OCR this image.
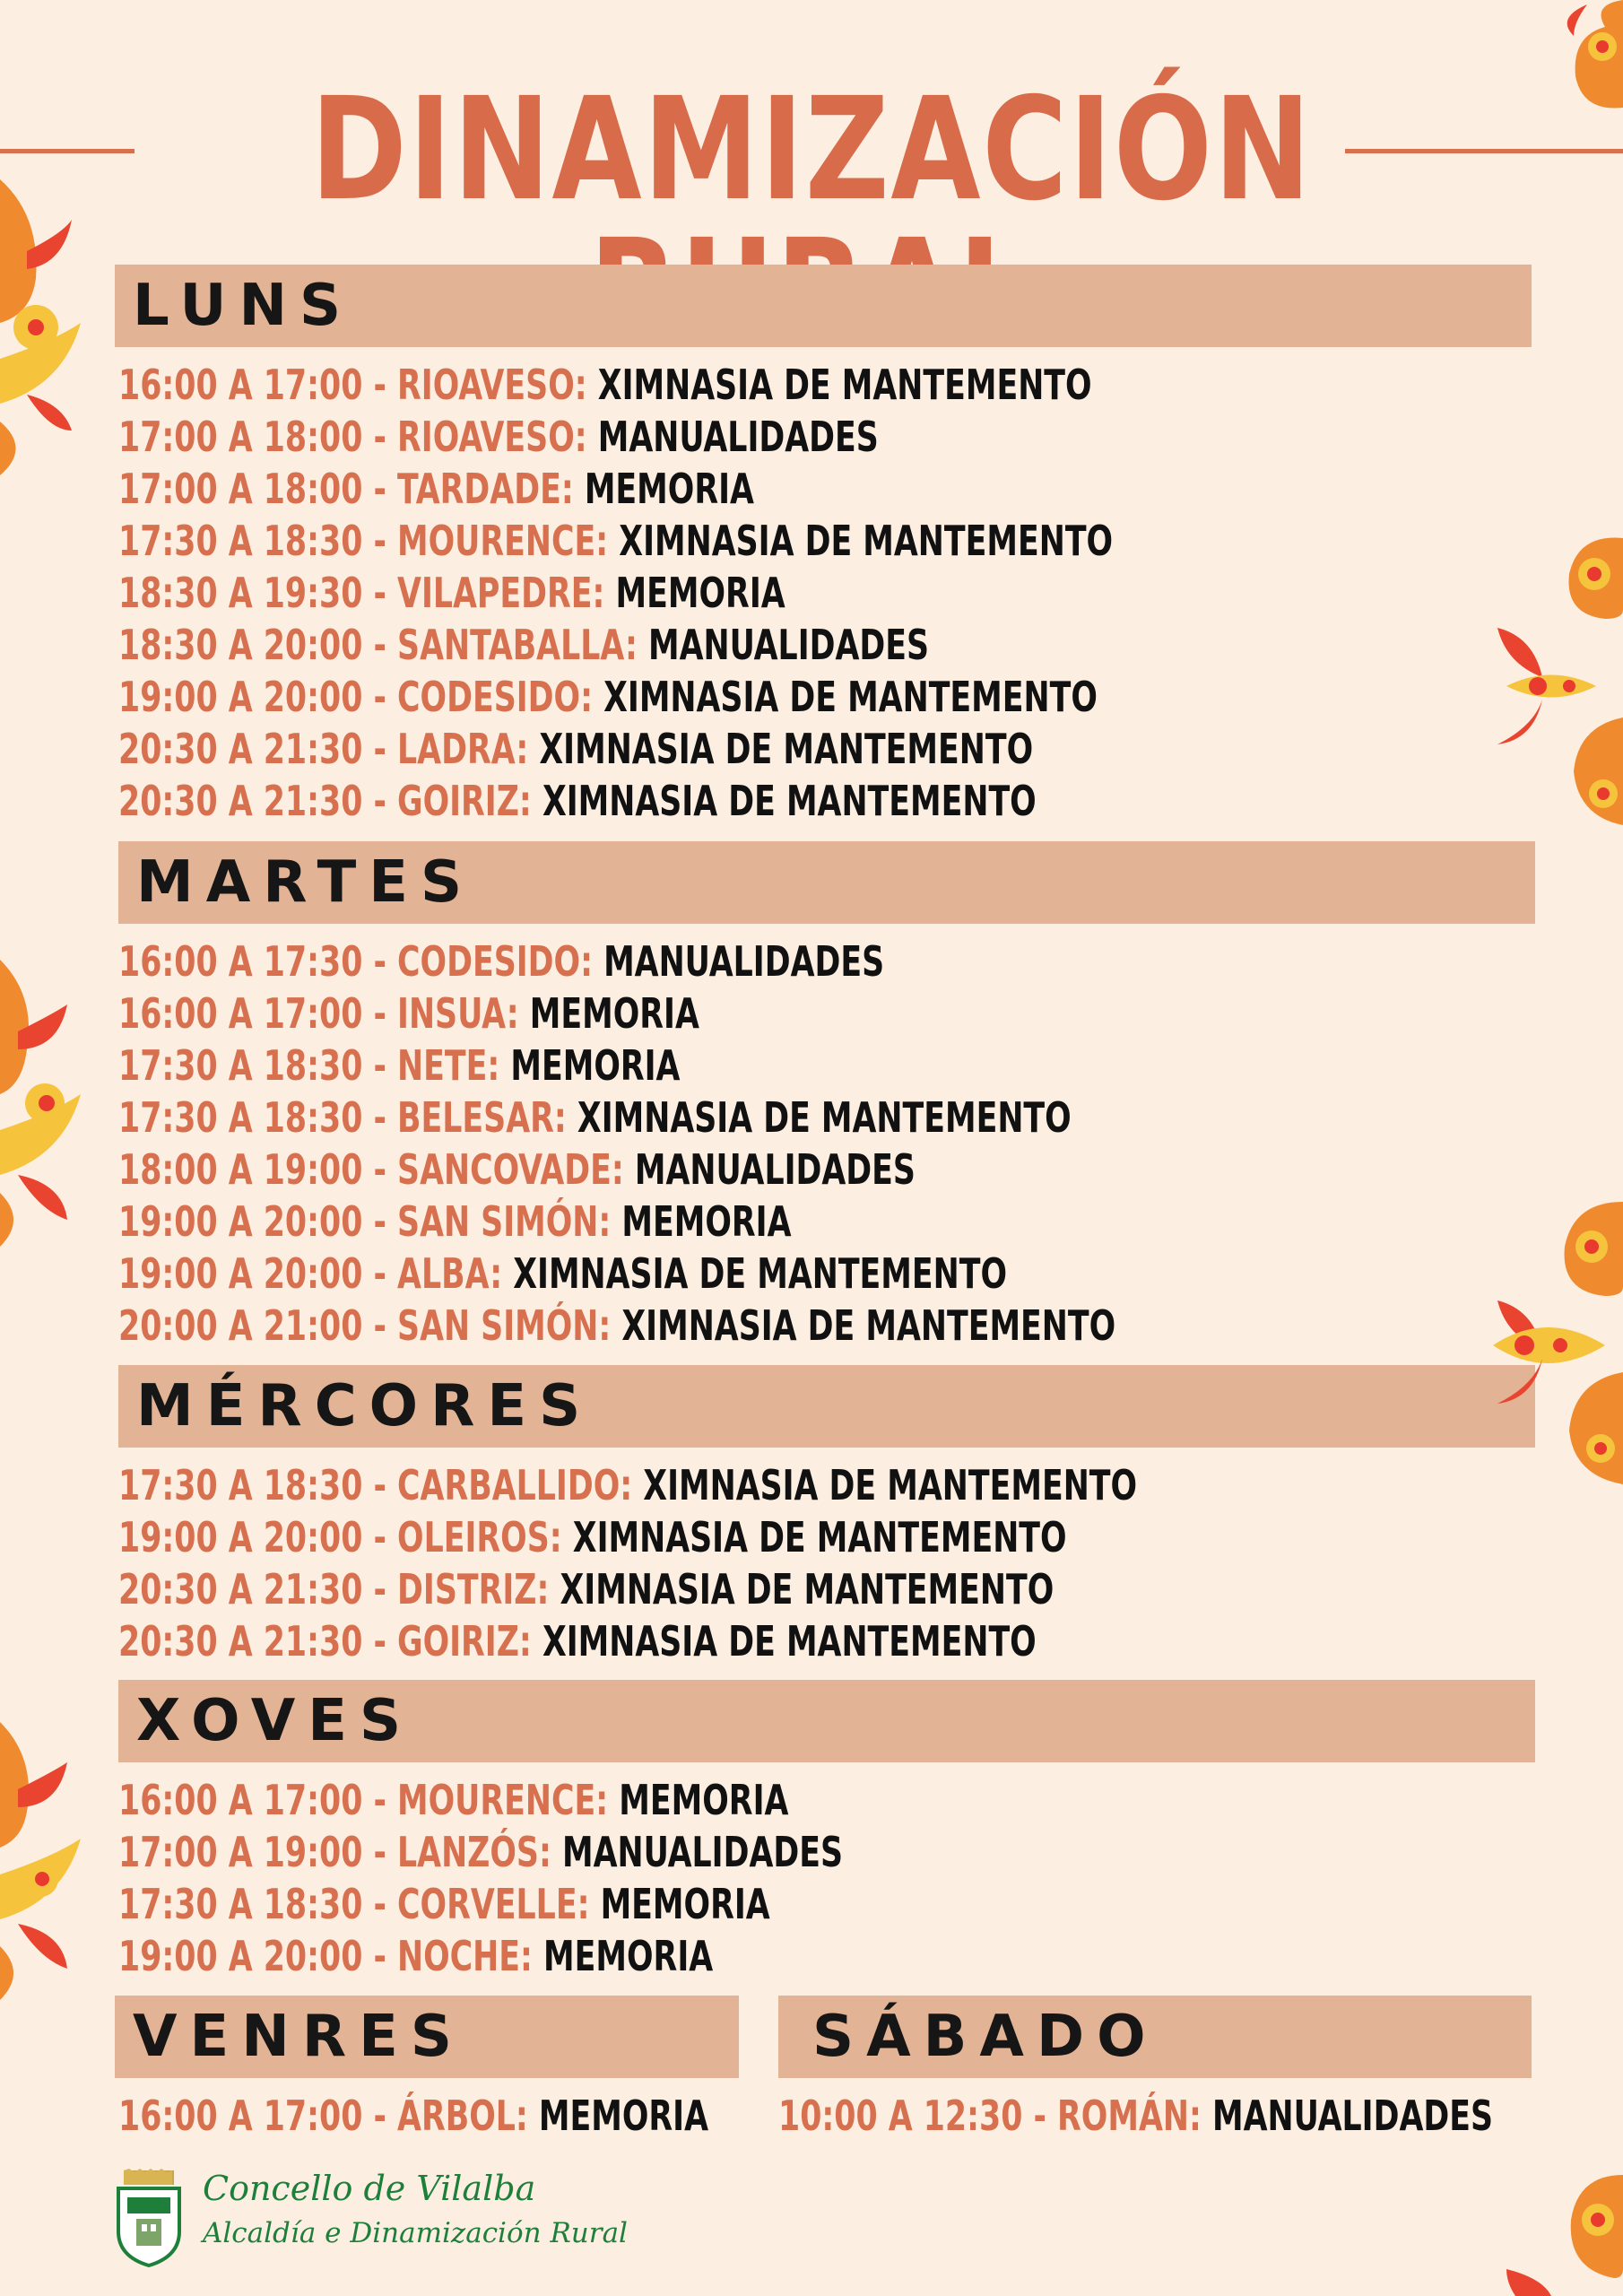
DINAMIZACIÓN
LUNS
16:00 A 17:00 - RIOAVESO: XIMNASIA DE MANTEMENTO
17:00 A 18:00 - RIOAVESO: MANUALIDADES
17:00 A 18:00 - TARDADE: MEMORIA
17:30 A 18:30 - MOURENCE: XIMNASIA DE MANTEMENTO
18:30 A 19:30 - VILAPEDRE: MEMORIA
18:30 A 20:00 - SANTABALLA: MANUALIDADES
19:00 A 20:00 - CODESIDO: XIMNASIA DE MANTEMENTO
20:30 A 21:30 - LADRA: XIMNASIA DE MANTEMENTO
20:30 A 21:30 - GOIRIZ: XIMNASIA DE MANTEMENTO
MARTES
16:00 A 17:30 - CODESIDO: MANUALIDADES
16:00 A 17:00 - INSUA: MEMORIA
17:30 A 18:30 - NETE: MEMORIA
17:30 A 18:30 - BELESAR: XIMNASIA DE MANTEMENTO
18:00 A 19:00 - SANCOVADE: MANUALIDADES
19:00 A 20:00 - SAN SIMÓN: MEMORIA
19:00 A 20:00 - ALBA: XIMNASIA DE MANTEMENTO
20:00 A 21:00 - SAN SIMÓN: XIMNASIA DE MANTEMENTO
MÉRCORES
17:30 A 18:30 - CARBALLIDO: XIMNASIA DE MANTEMENTO
19:00 A 20:00 - OLEIROS: XIMNASIA DE MANTEMENTO
20:30 A 21:30 - DISTRIZ: XIMNASIA DE MANTEMENTO
20:30 A 21:30 - GOIRIZ: XIMNASIA DE MANTEMENTO
XOVES
16:00 A 17:00 - MOURENCE: MEMORIA
17:00 A 19:00 - LANZÓS: MANUALIDADES
17:30 A 18:30 - CORVELLE: MEMORIA
19:00 A 20:00 - NOCHE: MEMORIA
VENRES
16:00 A 17:00 - ÁRBOL: MEMORIA
SÁBADO
10:00 A 12:30 - ROMÁN: MANUALIDADES
Concello de Vilalba
Alcaldía e Dinamización Rural
